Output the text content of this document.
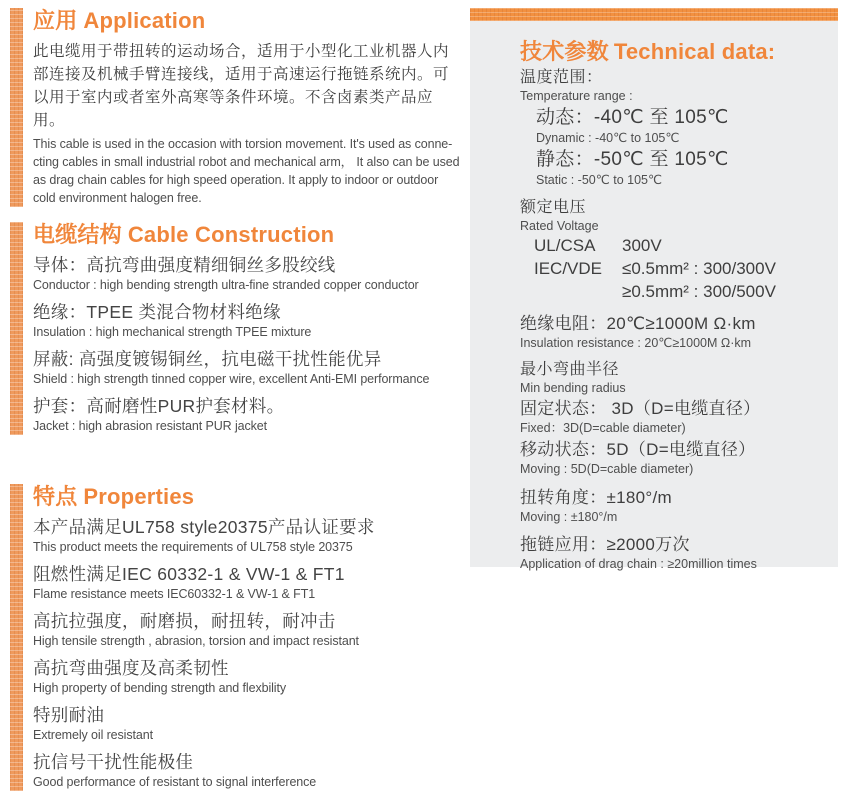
应用 Application

此电缆用于带扭转的运动场合，适用于小型化工业机器人内部连接及机械手臂连接线，适用于高速运行拖链系统内。可以用于室内或者室外高寒等条件环境。不含卤素类产品应用。

This cable is used in the occasion with torsion movement. It's used as conne-cting cables in small industrial robot and mechanical arm， It also can be used as drag chain cables for high speed operation. It apply to indoor or outdoor cold environment halogen free.

电缆结构 Cable Construction
导体：高抗弯曲强度精细铜丝多股绞线
Conductor : high bending strength ultra-fine stranded copper conductor
绝缘：TPEE 类混合物材料绝缘
Insulation : high mechanical strength TPEE mixture
屏蔽: 高强度镀锡铜丝，抗电磁干扰性能优异
Shield : high strength tinned copper wire, excellent Anti-EMI performance
护套：高耐磨性PUR护套材料。
Jacket : high abrasion resistant PUR jacket
特点 Properties
本产品满足UL758 style20375产品认证要求
This product meets the requirements of UL758 style 20375
阻燃性满足IEC 60332-1 & VW-1 & FT1
Flame resistance meets IEC60332-1 & VW-1 & FT1
高抗拉强度，耐磨损，耐扭转，耐冲击
High tensile strength , abrasion, torsion and impact resistant
高抗弯曲强度及高柔韧性
High property of bending strength and flexbility
特别耐油
Extremely oil resistant
抗信号干扰性能极佳
Good performance of resistant to signal interference
技术参数 Technical data:
温度范围：
Temperature range :
动态：-40℃ 至 105℃
Dynamic : -40℃ to 105℃
静态：-50℃ 至 105℃
Static : -50℃ to 105℃
额定电压
Rated Voltage
UL/CSA	300V
IEC/VDE	≤0.5mm² : 300/300V
≥0.5mm² : 300/500V
绝缘电阻：20℃≥1000M Ω·km
Insulation resistance : 20℃≥1000M Ω·km
最小弯曲半径
Min bending radius
固定状态： 3D（D=电缆直径）
Fixed：3D(D=cable diameter)
移动状态：5D（D=电缆直径）
Moving : 5D(D=cable diameter)
扭转角度：±180°/m
Moving : ±180°/m
拖链应用：≥2000万次
Application of drag chain : ≥20million times
